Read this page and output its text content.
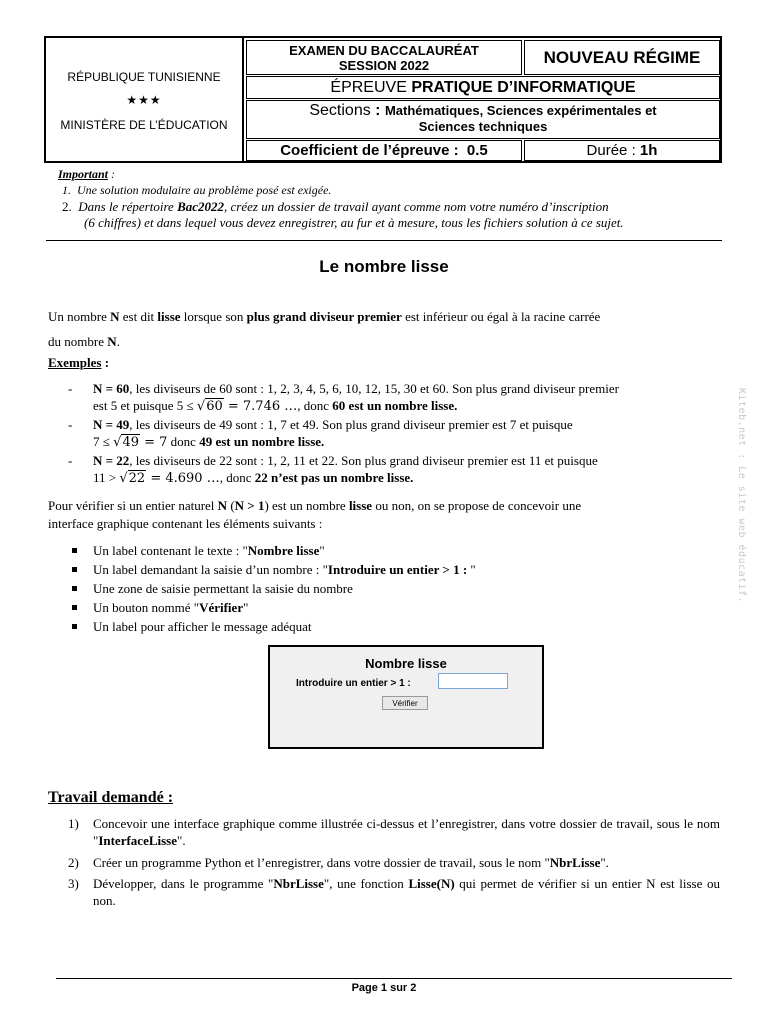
RÉPUBLIQUE TUNISIENNE
★★★
MINISTÈRE DE L’ÉDUCATION
EXAMEN DU BACCALAURÉAT
SESSION 2022	NOUVEAU RÉGIME
ÉPREUVE PRATIQUE D’INFORMATIQUE
Sections : Mathématiques, Sciences expérimentales et
Sciences techniques
Coefficient de l’épreuve : 0.5	Durée : 1h
Important :
1. Une solution modulaire au problème posé est exigée.
2. Dans le répertoire Bac2022, créez un dossier de travail ayant comme nom votre numéro d’inscription
(6 chiffres) et dans lequel vous devez enregistrer, au fur et à mesure, tous les fichiers solution à ce sujet.
Le nombre lisse
Un nombre N est dit lisse lorsque son plus grand diviseur premier est inférieur ou égal à la racine carrée
du nombre N.
Exemples :
- N = 60, les diviseurs de 60 sont : 1, 2, 3, 4, 5, 6, 10, 12, 15, 30 et 60. Son plus grand diviseur premier
est 5 et puisque 5 ≤ √60 = 7.746 …, donc 60 est un nombre lisse.
- N = 49, les diviseurs de 49 sont : 1, 7 et 49. Son plus grand diviseur premier est 7 et puisque
7 ≤ √49 = 7 donc 49 est un nombre lisse.
- N = 22, les diviseurs de 22 sont : 1, 2, 11 et 22. Son plus grand diviseur premier est 11 et puisque
11 > √22 = 4.690 …, donc 22 n’est pas un nombre lisse.
Pour vérifier si un entier naturel N (N > 1) est un nombre lisse ou non, on se propose de concevoir une
interface graphique contenant les éléments suivants :
Un label contenant le texte : "Nombre lisse"
Un label demandant la saisie d’un nombre : "Introduire un entier > 1 : "
Une zone de saisie permettant la saisie du nombre
Un bouton nommé "Vérifier"
Un label pour afficher le message adéquat
Nombre lisse
Introduire un entier > 1 :
Vérifier
Travail demandé :
1) Concevoir une interface graphique comme illustrée ci-dessus et l’enregistrer, dans votre dossier de travail, sous le nom "InterfaceLisse".
2) Créer un programme Python et l’enregistrer, dans votre dossier de travail, sous le nom "NbrLisse".
3) Développer, dans le programme "NbrLisse", une fonction Lisse(N) qui permet de vérifier si un entier N est lisse ou non.
Kiteb.net : Le site web éducatif.
Page 1 sur 2
